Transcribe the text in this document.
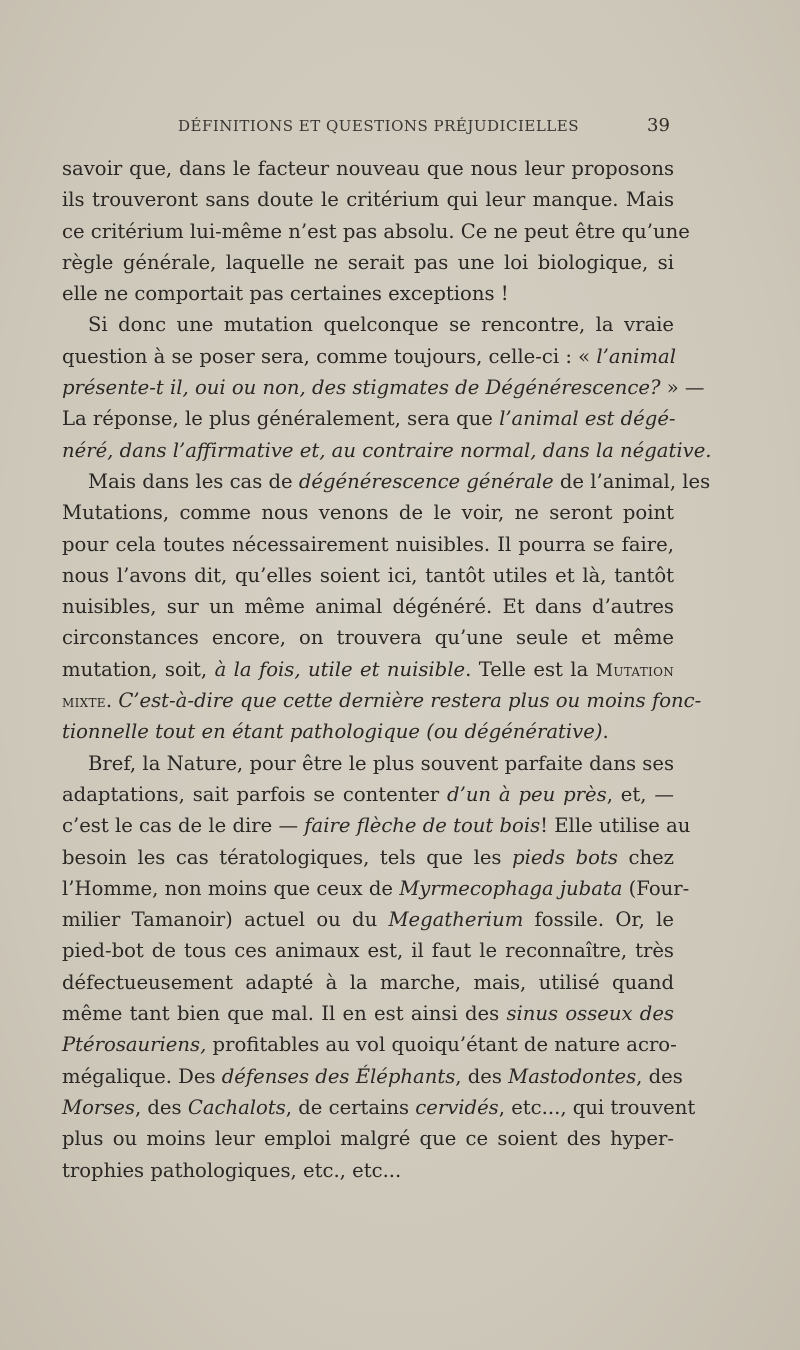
DÉFINITIONS ET QUESTIONS PRÉJUDICIELLES	39
savoir que, dans le facteur nouveau que nous leur proposons
ils trouveront sans doute le critérium qui leur manque. Mais
ce critérium lui-même n’est pas absolu. Ce ne peut être qu’une
règle générale, laquelle ne serait pas une loi biologique, si
elle ne comportait pas certaines exceptions !
Si donc une mutation quelconque se rencontre, la vraie
question à se poser sera, comme toujours, celle-ci : « l’animal
présente-t il, oui ou non, des stigmates de Dégénérescence? » —
La réponse, le plus généralement, sera que l’animal est dégé-
néré, dans l’affirmative et, au contraire normal, dans la négative.
Mais dans les cas de dégénérescence générale de l’animal, les
Mutations, comme nous venons de le voir, ne seront point
pour cela toutes nécessairement nuisibles. Il pourra se faire,
nous l’avons dit, qu’elles soient ici, tantôt utiles et là, tantôt
nuisibles, sur un même animal dégénéré. Et dans d’autres
circonstances encore, on trouvera qu’une seule et même
mutation, soit, à la fois, utile et nuisible. Telle est la Mutation
mixte. C’est-à-dire que cette dernière restera plus ou moins fonc-
tionnelle tout en étant pathologique (ou dégénérative).
Bref, la Nature, pour être le plus souvent parfaite dans ses
adaptations, sait parfois se contenter d’un à peu près, et, —
c’est le cas de le dire — faire flèche de tout bois! Elle utilise au
besoin les cas tératologiques, tels que les pieds bots chez
l’Homme, non moins que ceux de Myrmecophaga jubata (Four-
milier Tamanoir) actuel ou du Megatherium fossile. Or, le
pied-bot de tous ces animaux est, il faut le reconnaître, très
défectueusement adapté à la marche, mais, utilisé quand
même tant bien que mal. Il en est ainsi des sinus osseux des
Ptérosauriens, profitables au vol quoiqu’étant de nature acro-
mégalique. Des défenses des Éléphants, des Mastodontes, des
Morses, des Cachalots, de certains cervidés, etc..., qui trouvent
plus ou moins leur emploi malgré que ce soient des hyper-
trophies pathologiques, etc., etc...
